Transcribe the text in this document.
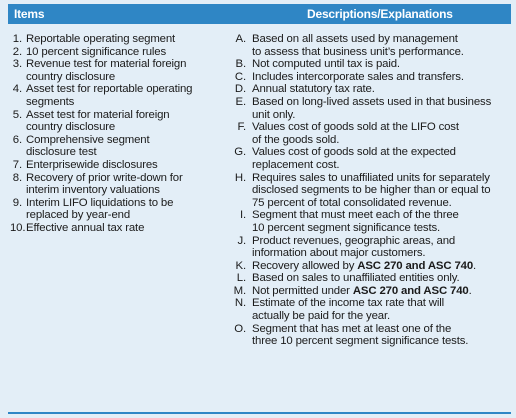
Items	Descriptions/Explanations
1. Reportable operating segment
2. 10 percent significance rules
3. Revenue test for material foreign
country disclosure
4. Asset test for reportable operating
segments
5. Asset test for material foreign
country disclosure
6. Comprehensive segment
disclosure test
7. Enterprisewide disclosures
8. Recovery of prior write-down for
interim inventory valuations
9. Interim LIFO liquidations to be
replaced by year-end
10. Effective annual tax rate
A. Based on all assets used by management
to assess that business unit’s performance.
B. Not computed until tax is paid.
C. Includes intercorporate sales and transfers.
D. Annual statutory tax rate.
E. Based on long-lived assets used in that business
unit only.
F. Values cost of goods sold at the LIFO cost
of the goods sold.
G. Values cost of goods sold at the expected
replacement cost.
H. Requires sales to unaffiliated units for separately
disclosed segments to be higher than or equal to
75 percent of total consolidated revenue.
I. Segment that must meet each of the three
10 percent segment significance tests.
J. Product revenues, geographic areas, and
information about major customers.
K. Recovery allowed by ASC 270 and ASC 740.
L. Based on sales to unaffiliated entities only.
M. Not permitted under ASC 270 and ASC 740.
N. Estimate of the income tax rate that will
actually be paid for the year.
O. Segment that has met at least one of the
three 10 percent segment significance tests.
